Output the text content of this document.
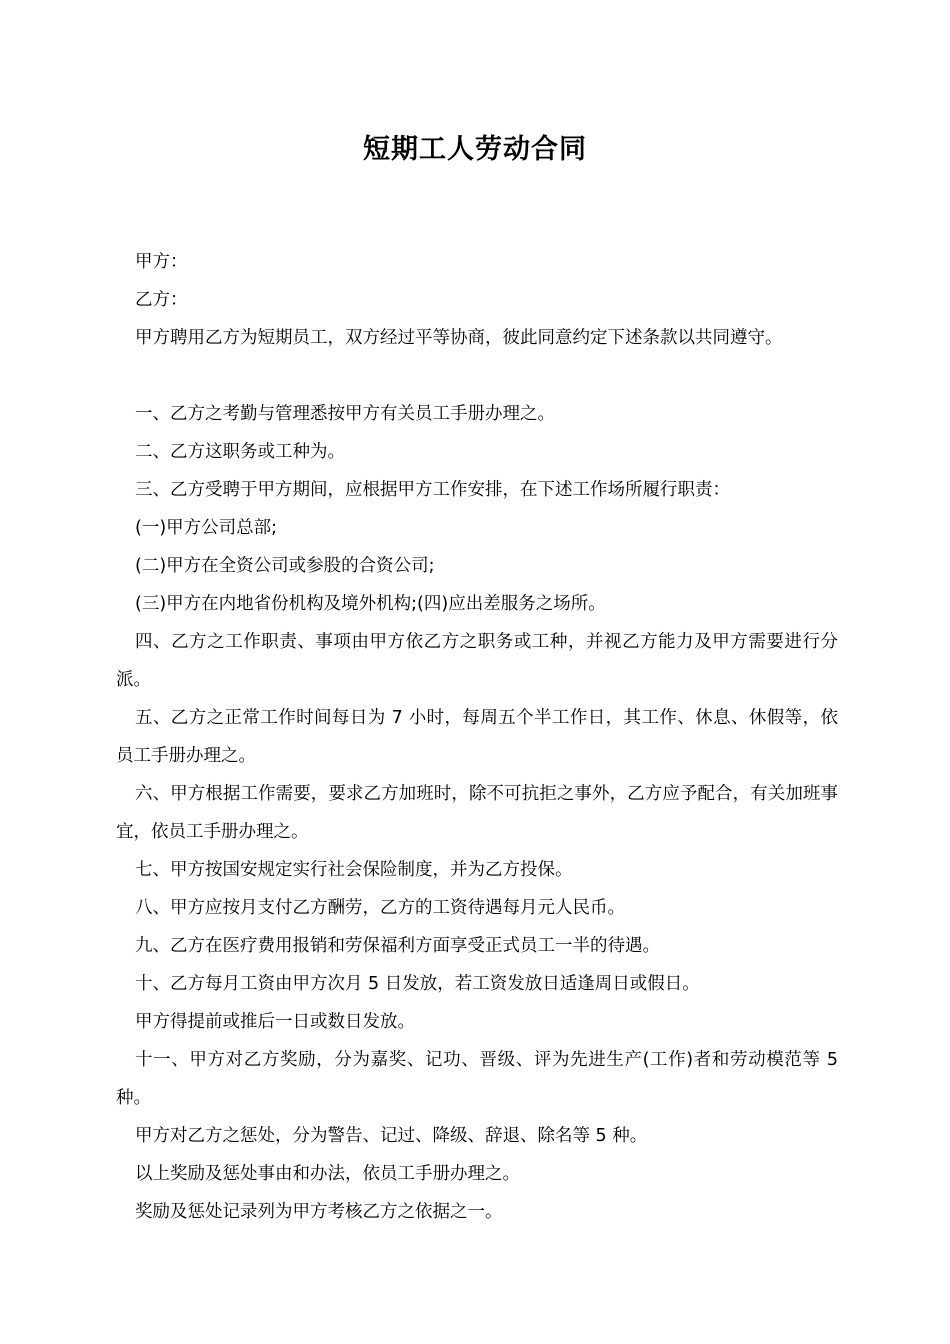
短期工人劳动合同

甲方：

乙方：

甲方聘用乙方为短期员工，双方经过平等协商，彼此同意约定下述条款以共同遵守。

一、乙方之考勤与管理悉按甲方有关员工手册办理之。

二、乙方这职务或工种为。

三、乙方受聘于甲方期间，应根据甲方工作安排，在下述工作场所履行职责：

(一)甲方公司总部;

(二)甲方在全资公司或参股的合资公司;

(三)甲方在内地省份机构及境外机构;(四)应出差服务之场所。

四、乙方之工作职责、事项由甲方依乙方之职务或工种，并视乙方能力及甲方需要进行分派。

五、乙方之正常工作时间每日为 7 小时，每周五个半工作日，其工作、休息、休假等，依员工手册办理之。

六、甲方根据工作需要，要求乙方加班时，除不可抗拒之事外，乙方应予配合，有关加班事宜，依员工手册办理之。

七、甲方按国安规定实行社会保险制度，并为乙方投保。

八、甲方应按月支付乙方酬劳，乙方的工资待遇每月元人民币。

九、乙方在医疗费用报销和劳保福利方面享受正式员工一半的待遇。

十、乙方每月工资由甲方次月 5 日发放，若工资发放日适逢周日或假日。

甲方得提前或推后一日或数日发放。

十一、甲方对乙方奖励，分为嘉奖、记功、晋级、评为先进生产(工作)者和劳动模范等 5 种。

甲方对乙方之惩处，分为警告、记过、降级、辞退、除名等 5 种。

以上奖励及惩处事由和办法，依员工手册办理之。

奖励及惩处记录列为甲方考核乙方之依据之一。
